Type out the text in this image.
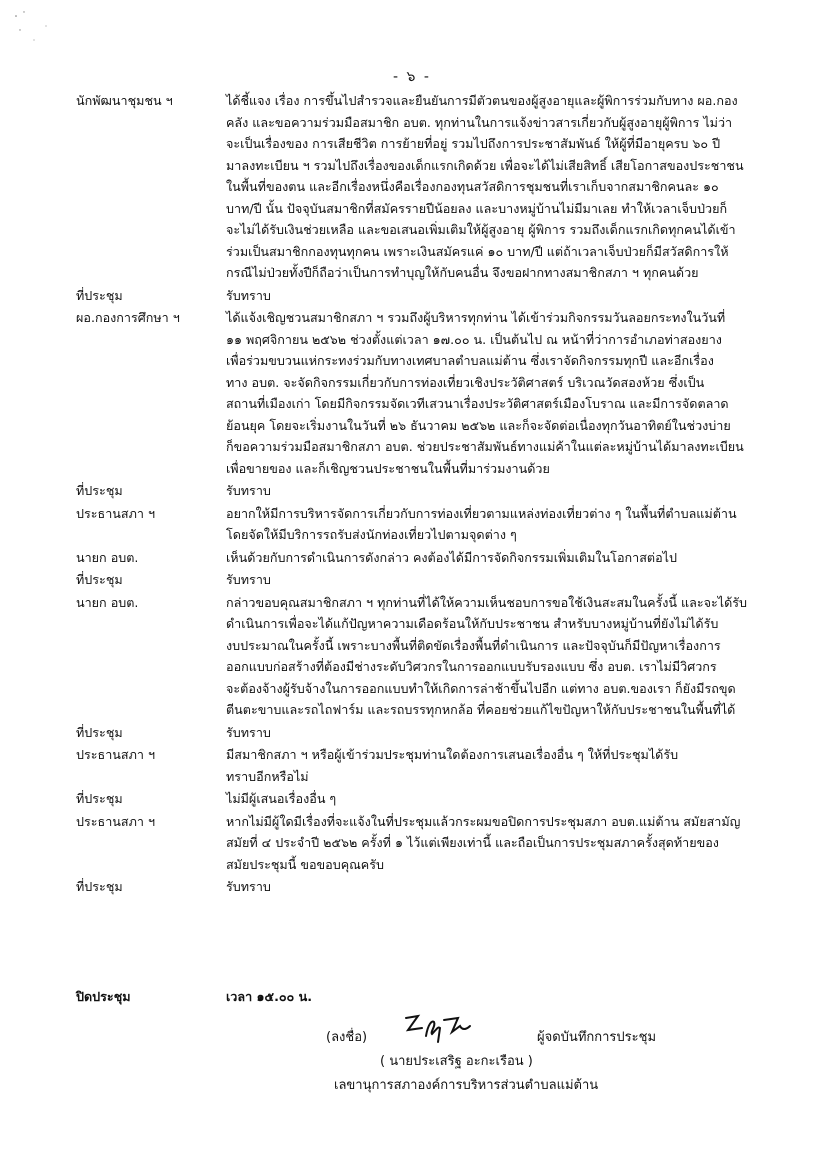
- ๖ -
นักพัฒนาชุมชน ฯ	ได้ชี้แจง เรื่อง การขึ้นไปสำรวจและยืนยันการมีตัวตนของผู้สูงอายุและผู้พิการร่วมกับทาง ผอ.กอง
คลัง และขอความร่วมมือสมาชิก อบต. ทุกท่านในการแจ้งข่าวสารเกี่ยวกับผู้สูงอายุผู้พิการ ไม่ว่า
จะเป็นเรื่องของ การเสียชีวิต การย้ายที่อยู่ รวมไปถึงการประชาสัมพันธ์ ให้ผู้ที่มีอายุครบ ๖๐ ปี
มาลงทะเบียน ฯ รวมไปถึงเรื่องของเด็กแรกเกิดด้วย เพื่อจะได้ไม่เสียสิทธิ์ เสียโอกาสของประชาชน
ในพื้นที่ของตน และอีกเรื่องหนึ่งคือเรื่องกองทุนสวัสดิการชุมชนที่เราเก็บจากสมาชิกคนละ ๑๐
บาท/ปี นั้น ปัจจุบันสมาชิกที่สมัครรายปีน้อยลง และบางหมู่บ้านไม่มีมาเลย ทำให้เวลาเจ็บป่วยก็
จะไม่ได้รับเงินช่วยเหลือ และขอเสนอเพิ่มเติมให้ผู้สูงอายุ ผู้พิการ รวมถึงเด็กแรกเกิดทุกคนได้เข้า
ร่วมเป็นสมาชิกกองทุนทุกคน เพราะเงินสมัครแค่ ๑๐ บาท/ปี แต่ถ้าเวลาเจ็บป่วยก็มีสวัสดิการให้
กรณีไม่ป่วยทั้งปีก็ถือว่าเป็นการทำบุญให้กับคนอื่น จึงขอฝากทางสมาชิกสภา ฯ ทุกคนด้วย
ที่ประชุม	รับทราบ
ผอ.กองการศึกษา ฯ	ได้แจ้งเชิญชวนสมาชิกสภา ฯ รวมถึงผู้บริหารทุกท่าน ได้เข้าร่วมกิจกรรมวันลอยกระทงในวันที่
๑๑ พฤศจิกายน ๒๕๖๒ ช่วงตั้งแต่เวลา ๑๗.๐๐ น. เป็นต้นไป ณ หน้าที่ว่าการอำเภอท่าสองยาง
เพื่อร่วมขบวนแห่กระทงร่วมกับทางเทศบาลตำบลแม่ต้าน ซึ่งเราจัดกิจกรรมทุกปี และอีกเรื่อง
ทาง อบต. จะจัดกิจกรรมเกี่ยวกับการท่องเที่ยวเชิงประวัติศาสตร์ บริเวณวัดสองห้วย ซึ่งเป็น
สถานที่เมืองเก่า โดยมีกิจกรรมจัดเวทีเสวนาเรื่องประวัติศาสตร์เมืองโบราณ และมีการจัดตลาด
ย้อนยุค โดยจะเริ่มงานในวันที่ ๒๖ ธันวาคม ๒๕๖๒ และก็จะจัดต่อเนื่องทุกวันอาทิตย์ในช่วงบ่าย
ก็ขอความร่วมมือสมาชิกสภา อบต. ช่วยประชาสัมพันธ์ทางแม่ค้าในแต่ละหมู่บ้านได้มาลงทะเบียน
เพื่อขายของ และก็เชิญชวนประชาชนในพื้นที่มาร่วมงานด้วย
ที่ประชุม	รับทราบ
ประธานสภา ฯ	อยากให้มีการบริหารจัดการเกี่ยวกับการท่องเที่ยวตามแหล่งท่องเที่ยวต่าง ๆ ในพื้นที่ตำบลแม่ต้าน
โดยจัดให้มีบริการรถรับส่งนักท่องเที่ยวไปตามจุดต่าง ๆ
นายก อบต.	เห็นด้วยกับการดำเนินการดังกล่าว คงต้องได้มีการจัดกิจกรรมเพิ่มเติมในโอกาสต่อไป
ที่ประชุม	รับทราบ
นายก อบต.	กล่าวขอบคุณสมาชิกสภา ฯ ทุกท่านที่ได้ให้ความเห็นชอบการขอใช้เงินสะสมในครั้งนี้ และจะได้รับ
ดำเนินการเพื่อจะได้แก้ปัญหาความเดือดร้อนให้กับประชาชน สำหรับบางหมู่บ้านที่ยังไม่ได้รับ
งบประมาณในครั้งนี้ เพราะบางพื้นที่ติดขัดเรื่องพื้นที่ดำเนินการ และปัจจุบันก็มีปัญหาเรื่องการ
ออกแบบก่อสร้างที่ต้องมีช่างระดับวิศวกรในการออกแบบรับรองแบบ ซึ่ง อบต. เราไม่มีวิศวกร
จะต้องจ้างผู้รับจ้างในการออกแบบทำให้เกิดการล่าช้าขึ้นไปอีก แต่ทาง อบต.ของเรา ก็ยังมีรถขุด
ตีนตะขาบและรถไถฟาร์ม และรถบรรทุกหกล้อ ที่คอยช่วยแก้ไขปัญหาให้กับประชาชนในพื้นที่ได้
ที่ประชุม	รับทราบ
ประธานสภา ฯ	มีสมาชิกสภา ฯ หรือผู้เข้าร่วมประชุมท่านใดต้องการเสนอเรื่องอื่น ๆ ให้ที่ประชุมได้รับ
ทราบอีกหรือไม่
ที่ประชุม	ไม่มีผู้เสนอเรื่องอื่น ๆ
ประธานสภา ฯ	หากไม่มีผู้ใดมีเรื่องที่จะแจ้งในที่ประชุมแล้วกระผมขอปิดการประชุมสภา อบต.แม่ต้าน สมัยสามัญ
สมัยที่ ๔ ประจำปี ๒๕๖๒ ครั้งที่ ๑ ไว้แต่เพียงเท่านี้ และถือเป็นการประชุมสภาครั้งสุดท้ายของ
สมัยประชุมนี้ ขอขอบคุณครับ
ที่ประชุม	รับทราบ
ปิดประชุม	เวลา ๑๕.๐๐ น.
(ลงชื่อ)	ผู้จดบันทึกการประชุม
( นายประเสริฐ อะกะเรือน )
เลขานุการสภาองค์การบริหารส่วนตำบลแม่ต้าน
